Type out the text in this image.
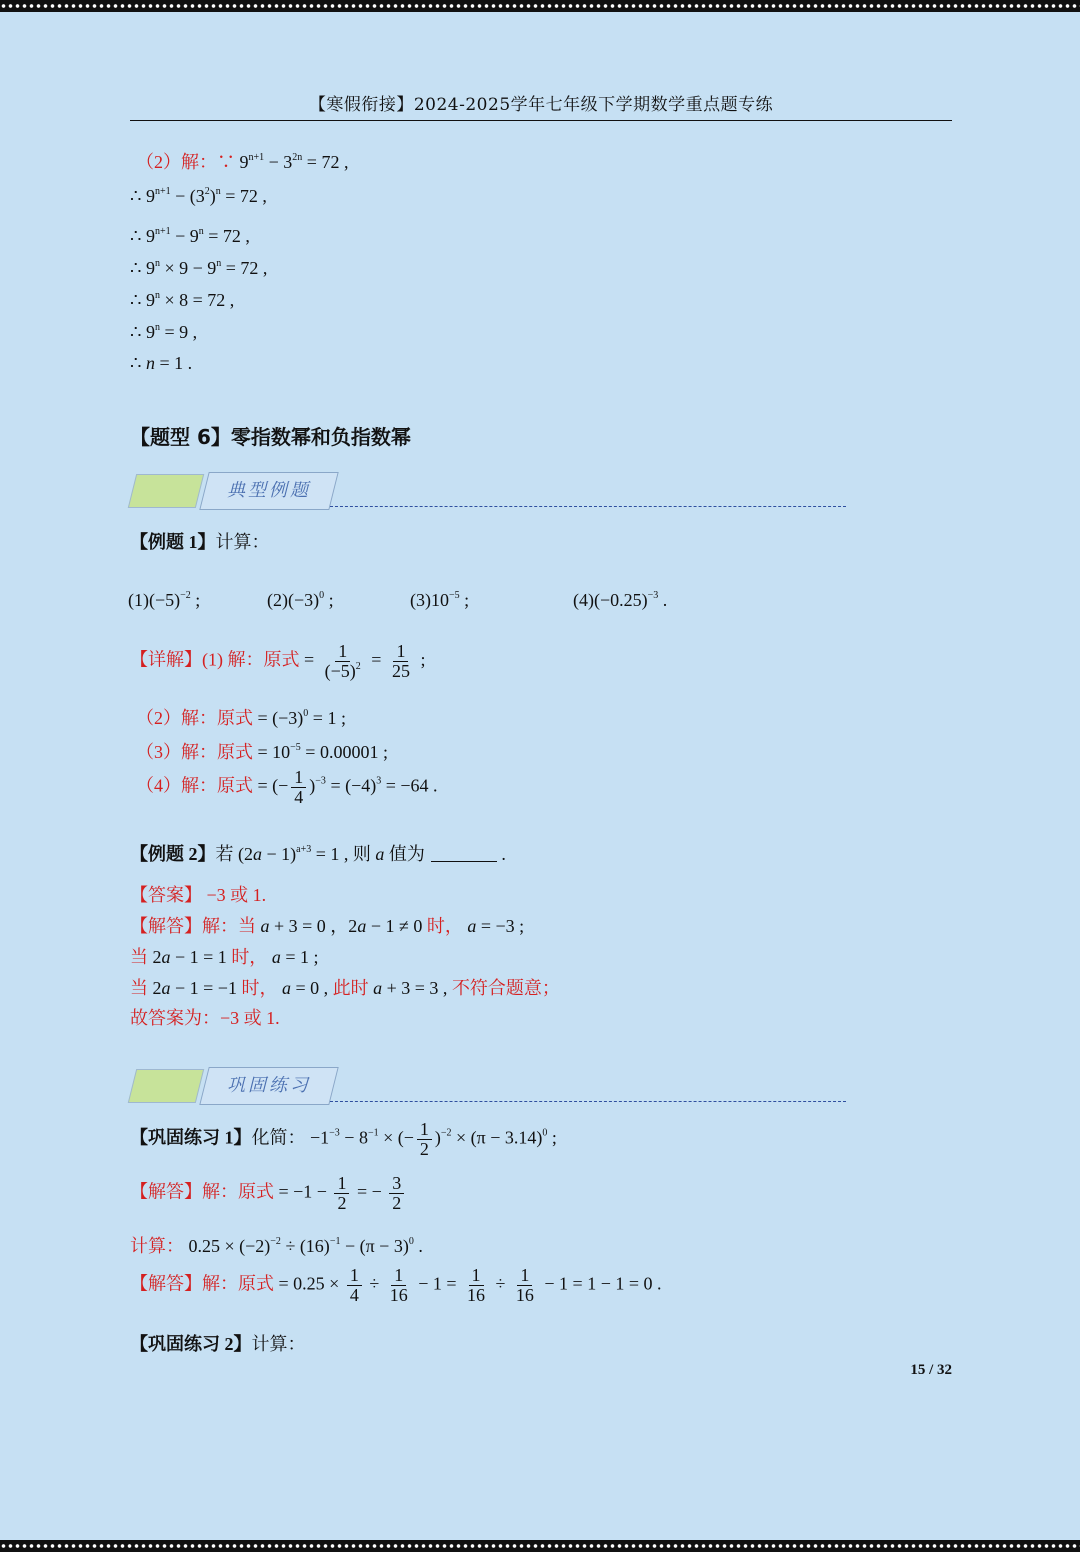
【寒假衔接】2024-2025学年七年级下学期数学重点题专练
（2）解：∵ $9^{n+1} - 3^{2n} = 72$ ,
∴ $9^{n+1} - (3^2)^n = 72$ ,
∴ $9^{n+1} - 9^n = 72$ ,
∴ $9^n \times 9 - 9^n = 72$ ,
∴ $9^n \times 8 = 72$ ,
∴ $9^n = 9$ ,
∴ n = 1 .
【题型 6】零指数幂和负指数幂
典型例题
【例题 1】计算：
$(1)(-5)^{-2}$ ;	$(2)(-3)^0$ ;	$(3)10^{-5}$ ;	$(4)(-0.25)^{-3}$ .
【详解】(1) 解：原式 = $\frac{1}{(-5)^2} = \frac{1}{25}$ ;
（2）解：原式 = $(-3)^0 = 1$ ;
（3）解：原式 = $10^{-5} = 0.00001$ ;
（4）解：原式 = (− $\frac{1}{4} )^{-3} = (-4)^3 = -64$ .
【例题 2】若 $(2a - 1)^{a+3} = 1$ , 则 a 值为	.
【答案】 −3 或 1.
【解答】解：当 a + 3 = 0 ，2a − 1 ≠ 0 时， a = −3 ;
当 2a − 1 = 1 时， a = 1 ;
当 2a − 1 = −1 时， a = 0 , 此时 a + 3 = 3 , 不符合题意；
故答案为：−3 或 1.
巩固练习
【巩固练习 1】化简： $-1^{-3} - 8^{-1}$ × (− $\frac{1}{2} )^{-2} \times (\pi - 3.14)^0$ ;
【解答】解：原式 = $-1 - \frac{1}{2}$ = − $\frac{3}{2}$
计算： $0.25 \times (-2)^{-2} \div (16)^{-1} - (\pi - 3)^0$ .
【解答】解：原式 = $0.25 \times \frac{1}{4} \div \frac{1}{16} - 1 = \frac{1}{16} \div \frac{1}{16} - 1 = 1 - 1 = 0$ .
【巩固练习 2】计算：
15 / 32
